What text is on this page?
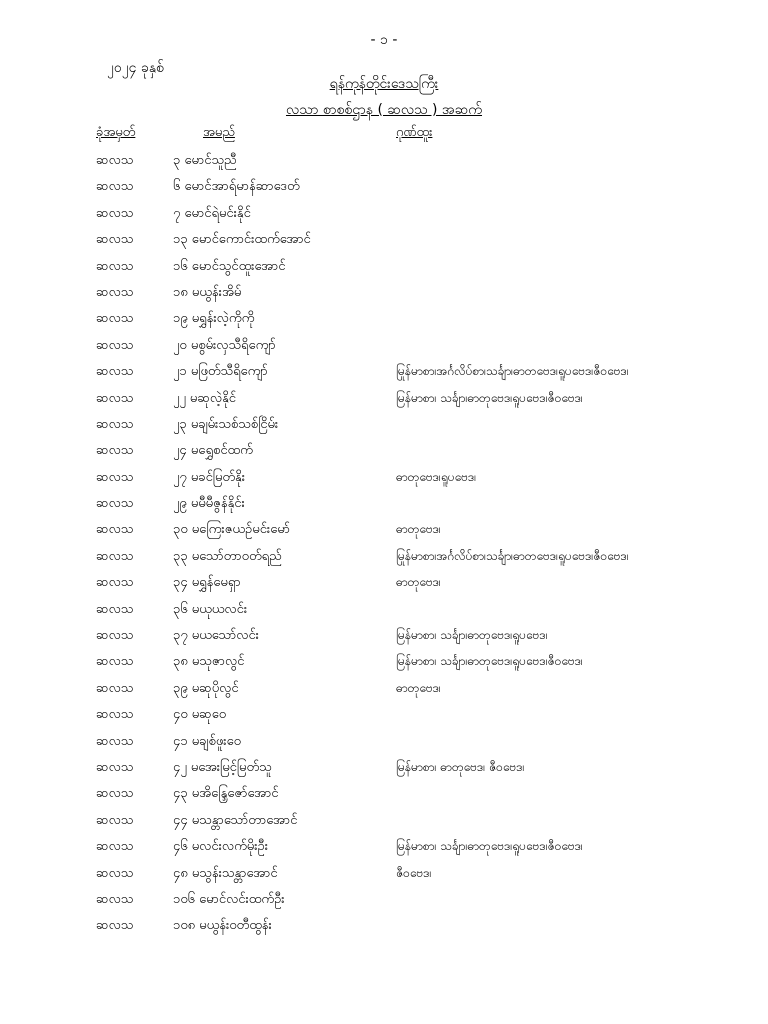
- ၁ -
၂၀၂၄ ခုနှစ်
ရန်ကုန်တိုင်းဒေသကြီး
လသာ စာစစ်ဌာန ( ဆလသ ) အဆက်
ခုံအမှတ်	အမည်	ဂုဏ်ထူး
ဆလသ	၃ မောင်သူညီ
ဆလသ	၆ မောင်အာရ်မာန်ဆာဒေတ်
ဆလသ	၇ မောင်ရဲမင်းနိုင်
ဆလသ	၁၃ မောင်ကောင်းထက်အောင်
ဆလသ	၁၆ မောင်သွင်ထူးအောင်
ဆလသ	၁၈ မယွန်းအိမ်
ဆလသ	၁၉ မရွှန်းလဲ့ကိုကို
ဆလသ	၂၀ မစွမ်းလှသီရိကျော်
ဆလသ	၂၁ မဖြတ်သီရိကျော်	မြန်မာစာ၊အင်္ဂလိပ်စာ၊သင်္ချာ၊ဓာတုဗေဒ၊ရူပဗေဒ၊ဇီဝဗေဒ၊
ဆလသ	၂၂ မဆုလဲ့နိုင်	မြန်မာစာ၊ သင်္ချာ၊ဓာတုဗေဒ၊ရူပဗေဒ၊ဇီဝဗေဒ၊
ဆလသ	၂၃ မချမ်းသစ်သစ်ငြိမ်း
ဆလသ	၂၄ မရွှေစင်ထက်
ဆလသ	၂၇ မခင်မြတ်နိုး	ဓာတုဗေဒ၊ရူပဗေဒ၊
ဆလသ	၂၉ မမီမီဇွန်နိုင်း
ဆလသ	၃၀ မကြေးဇယဉ်မင်းမော်	ဓာတုဗေဒ၊
ဆလသ	၃၃ မသော်တာဝတ်ရည်	မြန်မာစာ၊အင်္ဂလိပ်စာ၊သင်္ချာ၊ဓာတုဗေဒ၊ရူပဗေဒ၊ဇီဝဗေဒ၊
ဆလသ	၃၄ မရွှန်မေရှာ	ဓာတုဗေဒ၊
ဆလသ	၃၆ မယုယလင်း
ဆလသ	၃၇ မယသော်လင်း	မြန်မာစာ၊ သင်္ချာ၊ဓာတုဗေဒ၊ရူပဗေဒ၊
ဆလသ	၃၈ မသုဇာလွင်	မြန်မာစာ၊ သင်္ချာ၊ဓာတုဗေဒ၊ရူပဗေဒ၊ဇီဝဗေဒ၊
ဆလသ	၃၉ မဆုပိုလွင်	ဓာတုဗေဒ၊
ဆလသ	၄၀ မဆုဝေ
ဆလသ	၄၁ မချစ်ဖူးဝေ
ဆလသ	၄၂ မအေးမြင့်မြတ်သူ	မြန်မာစာ၊ ဓာတုဗေဒ၊ ဇီဝဗေဒ၊
ဆလသ	၄၃ မအိန္ဒြေဇော်အောင်
ဆလသ	၄၄ မသန္တာသော်တာအောင်
ဆလသ	၄၆ မလင်းလက်မိုးဦး	မြန်မာစာ၊ သင်္ချာ၊ဓာတုဗေဒ၊ရူပဗေဒ၊ဇီဝဗေဒ၊
ဆလသ	၄၈ မသွန်းသန္တာအောင်	ဇီဝဗေဒ၊
ဆလသ	၁၀၆ မောင်လင်းထက်ဦး
ဆလသ	၁၀၈ မယွန်းဝတီထွန်း
